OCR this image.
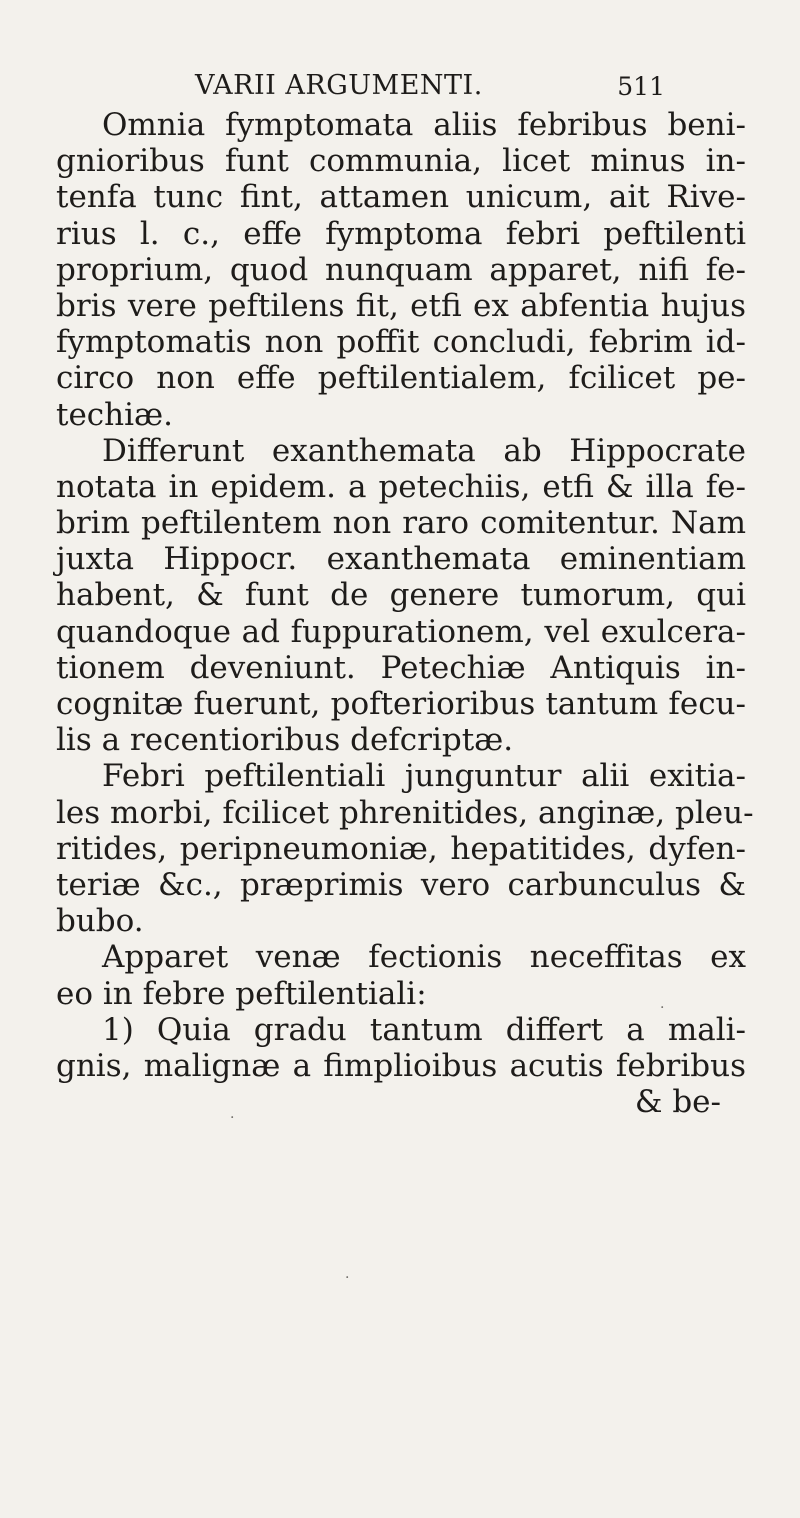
VARII ARGUMENTI.	511
Omnia fymptomata aliis febribus beni-
gnioribus funt communia, licet minus in-
tenfa tunc fint, attamen unicum, ait Rive-
rius l. c., effe fymptoma febri peftilenti
proprium, quod nunquam apparet, nifi fe-
bris vere peftilens fit, etfi ex abfentia hujus
fymptomatis non poffit concludi, febrim id-
circo non effe peftilentialem, fcilicet pe-
techiæ.
Differunt exanthemata ab Hippocrate
notata in epidem. a petechiis, etfi & illa fe-
brim peftilentem non raro comitentur. Nam
juxta Hippocr. exanthemata eminentiam
habent, & funt de genere tumorum, qui
quandoque ad fuppurationem, vel exulcera-
tionem deveniunt. Petechiæ Antiquis in-
cognitæ fuerunt, pofterioribus tantum fecu-
lis a recentioribus defcriptæ.
Febri peftilentiali junguntur alii exitia-
les morbi, fcilicet phrenitides, anginæ, pleu-
ritides, peripneumoniæ, hepatitides, dyfen-
teriæ &c., præprimis vero carbunculus &
bubo.
Apparet venæ fectionis neceffitas ex
eo in febre peftilentiali:
1) Quia gradu tantum differt a mali-
gnis, malignæ a fimplioibus acutis febribus
& be-
·
·
·
